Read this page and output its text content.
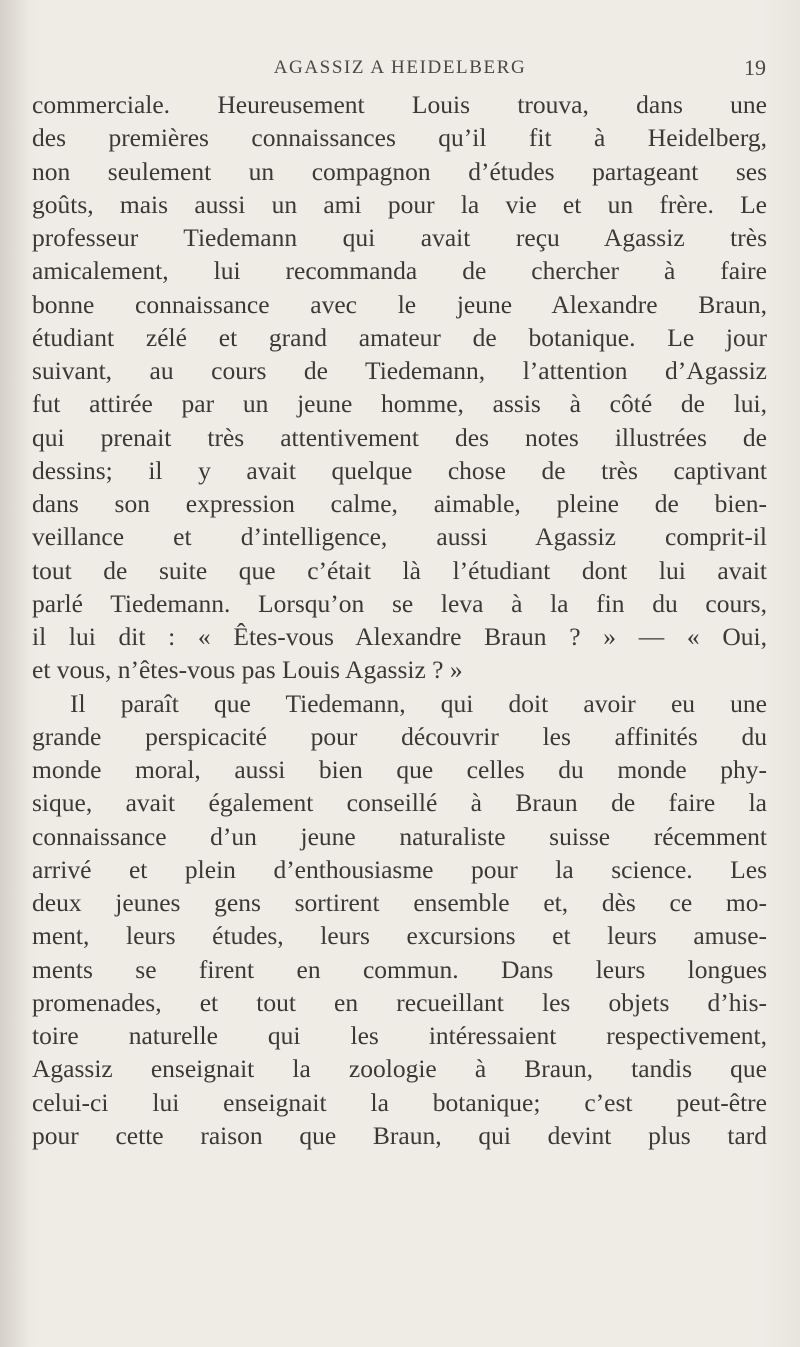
AGASSIZ A HEIDELBERG	19
commerciale. Heureusement Louis trouva, dans une
des premières connaissances qu’il fit à Heidelberg,
non seulement un compagnon d’études partageant ses
goûts, mais aussi un ami pour la vie et un frère. Le
professeur Tiedemann qui avait reçu Agassiz très
amicalement, lui recommanda de chercher à faire
bonne connaissance avec le jeune Alexandre Braun,
étudiant zélé et grand amateur de botanique. Le jour
suivant, au cours de Tiedemann, l’attention d’Agassiz
fut attirée par un jeune homme, assis à côté de lui,
qui prenait très attentivement des notes illustrées de
dessins; il y avait quelque chose de très captivant
dans son expression calme, aimable, pleine de bien-
veillance et d’intelligence, aussi Agassiz comprit-il
tout de suite que c’était là l’étudiant dont lui avait
parlé Tiedemann. Lorsqu’on se leva à la fin du cours,
il lui dit : « Êtes-vous Alexandre Braun ? » — « Oui,
et vous, n’êtes-vous pas Louis Agassiz ? »
Il paraît que Tiedemann, qui doit avoir eu une
grande perspicacité pour découvrir les affinités du
monde moral, aussi bien que celles du monde phy-
sique, avait également conseillé à Braun de faire la
connaissance d’un jeune naturaliste suisse récemment
arrivé et plein d’enthousiasme pour la science. Les
deux jeunes gens sortirent ensemble et, dès ce mo-
ment, leurs études, leurs excursions et leurs amuse-
ments se firent en commun. Dans leurs longues
promenades, et tout en recueillant les objets d’his-
toire naturelle qui les intéressaient respectivement,
Agassiz enseignait la zoologie à Braun, tandis que
celui-ci lui enseignait la botanique; c’est peut-être
pour cette raison que Braun, qui devint plus tard
